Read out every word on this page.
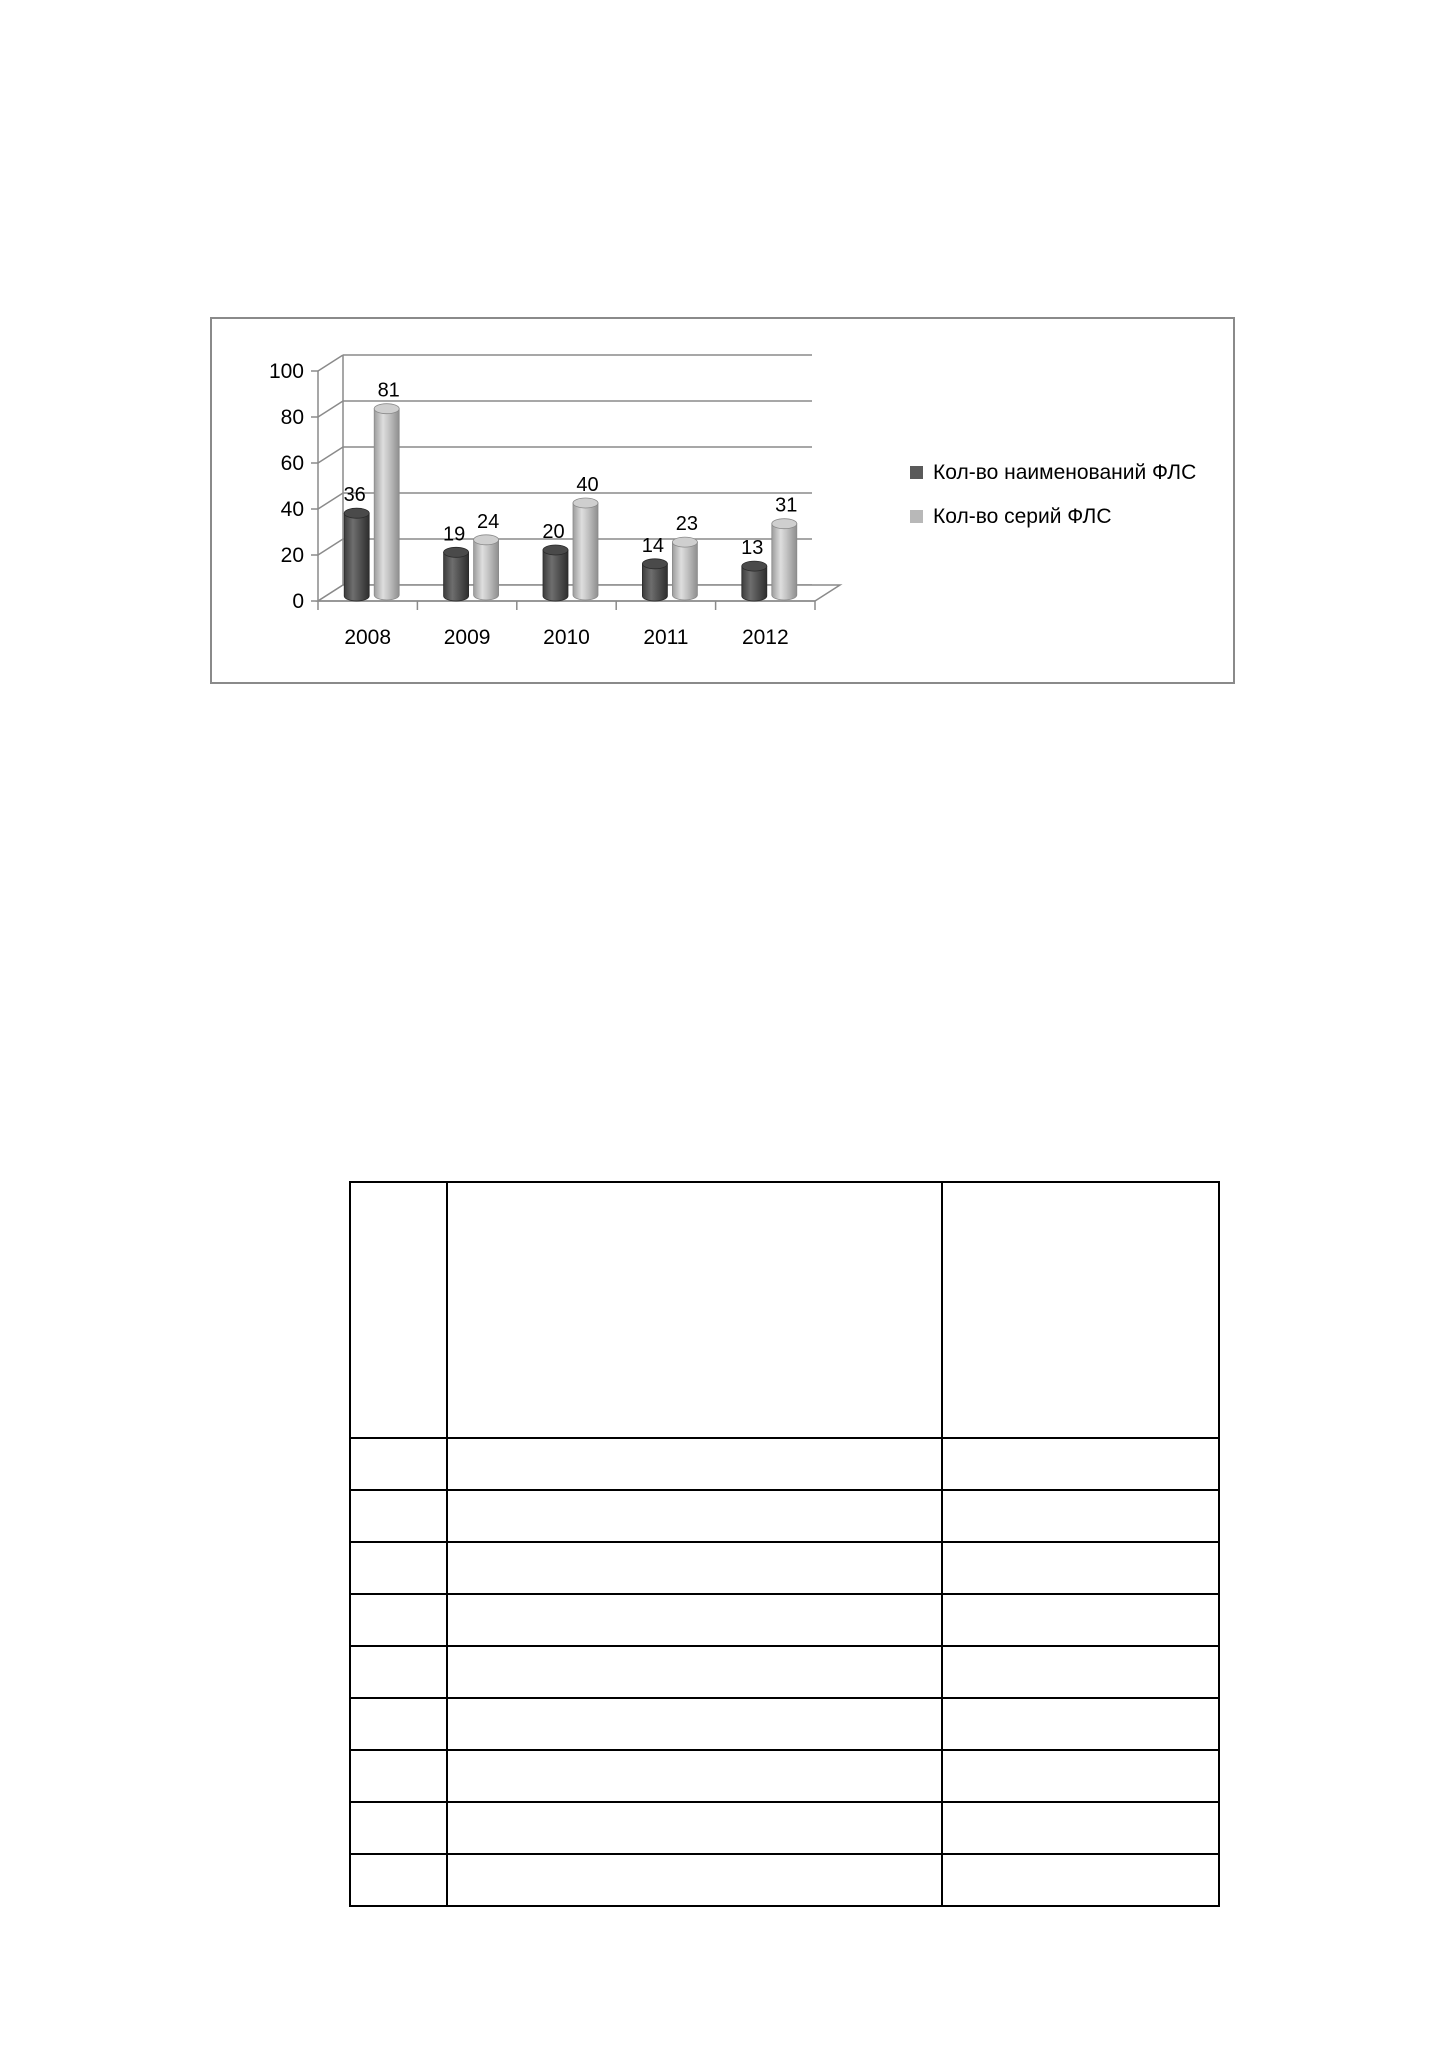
0
20
40
60
80
100
2008	2009	2010	2011	2012
36
81
19
24 20
40
14
23
13
31
Кол-во наименований ФЛС
Кол-во серий ФЛС
